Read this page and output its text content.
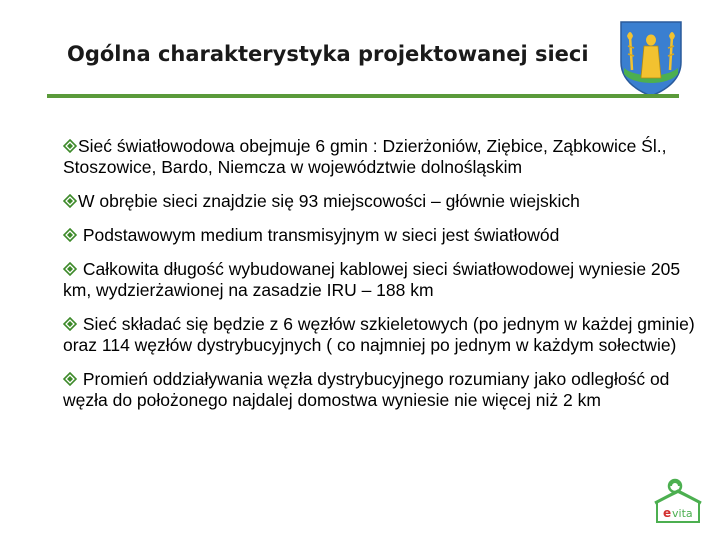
Ogólna charakterystyka projektowanej sieci
Sieć światłowodowa obejmuje 6 gmin : Dzierżoniów, Ziębice, Ząbkowice Śl., Stoszowice, Bardo, Niemcza w województwie dolnośląskim
W obrębie sieci znajdzie się 93 miejscowości – głównie wiejskich
Podstawowym medium transmisyjnym w sieci jest światłowód
Całkowita długość wybudowanej kablowej sieci światłowodowej wyniesie 205 km, wydzierżawionej na zasadzie IRU – 188 km
Sieć składać się będzie z 6 węzłów szkieletowych (po jednym w każdej gminie) oraz 114 węzłów dystrybucyjnych ( co najmniej po jednym w każdym sołectwie)
Promień oddziaływania węzła dystrybucyjnego rozumiany jako odległość od węzła do położonego najdalej domostwa wyniesie nie więcej niż 2 km
e vita
